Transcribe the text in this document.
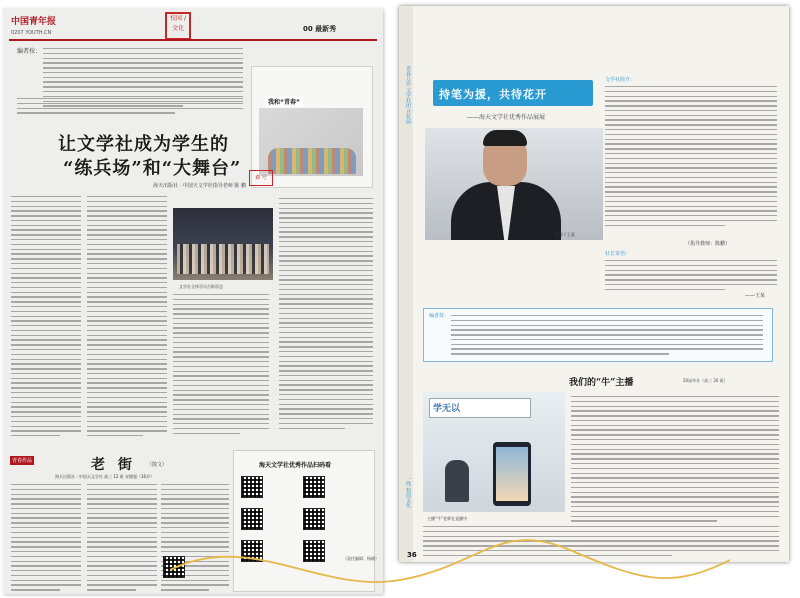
中国青年报
0207 YOUTH.CN
校园 / 文化	00 最新秀
编者按：
我和“青春”
森 号
让文学社成为学生的
“练兵场”和“大舞台”
海天出版社 · 中国天文学社指导老师 陈 鹏
文学社全体学员合影留念
青春作品	老 街 （散文）
海天出版社 · 中国天文学社 高三 12 班 宋健超（16岁）
海天文学社优秀作品扫码看
（责任编辑：杨晓）
青春万岁 文学社团 百花园
一线 校园文化
持笔为援，共待花开
——海天文学社优秀作品展展
指导 / 王某
文学社简介：
（指导教师：陈鹏）
社长寄语：
——王某
编者按：
我们的“牛”主播	20届毕业（高三 20 班）
学无以
主播“牛”老师在直播中
36
